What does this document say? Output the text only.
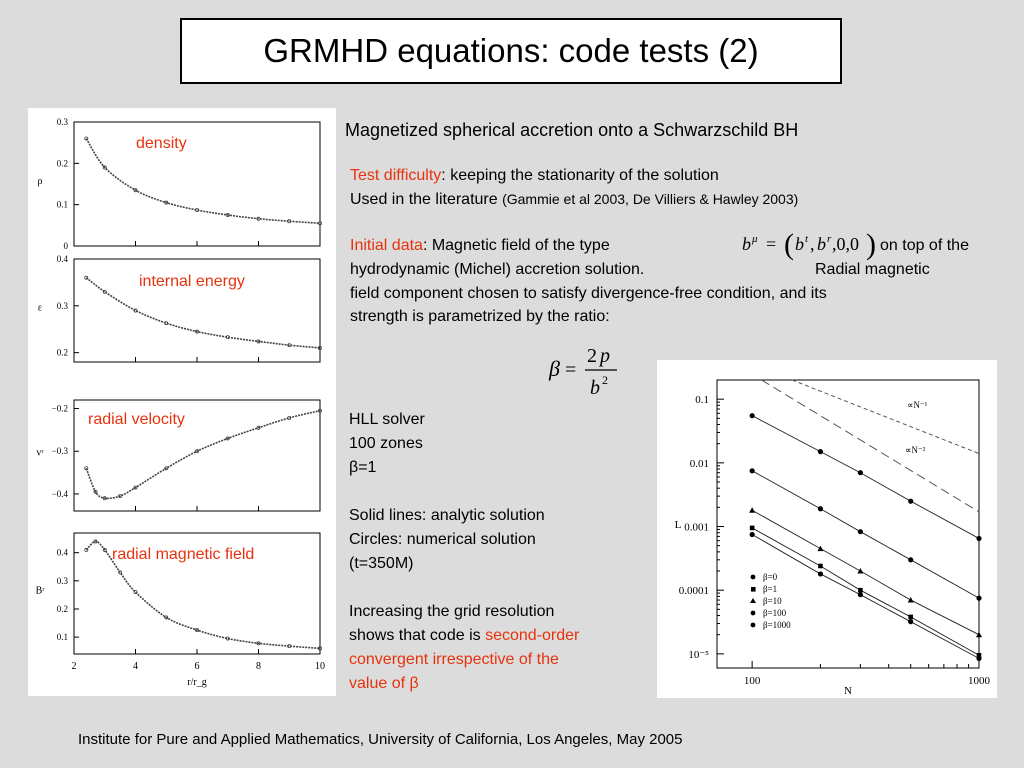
GRMHD equations: code tests (2)
0
0.1
0.2
0.3
ρ
density
0.2
0.3
0.4
ε
internal energy
−0.2
−0.3
−0.4
vʳ
radial velocity
0.1
0.2
0.3
0.4
Bʳ
radial magnetic field
2	4	6	8	10
r/r_g
0.1
0.01
0.001
0.0001
10⁻⁵
100	1000
L
N
∝N⁻¹
∝N⁻²
β=0
β=1
β=10
β=100
β=1000
Magnetized spherical accretion onto a Schwarzschild BH
Test difficulty: keeping the stationarity of the solution
Used in the literature (Gammie et al 2003, De Villiers & Hawley 2003)
Initial data: Magnetic field of the type	b μ = ( b t , b r ,0,0 ) on top of the
hydrodynamic (Michel) accretion solution.	Radial magnetic
field component chosen to satisfy divergence-free condition, and its
strength is parametrized by the ratio:
β =
2 p
b 2
HLL solver
100 zones
β=1
Solid lines: analytic solution
Circles: numerical solution
(t=350M)
Increasing the grid resolution
shows that code is second-order
convergent irrespective of the
value of β
Institute for Pure and Applied Mathematics, University of California, Los Angeles, May 2005
